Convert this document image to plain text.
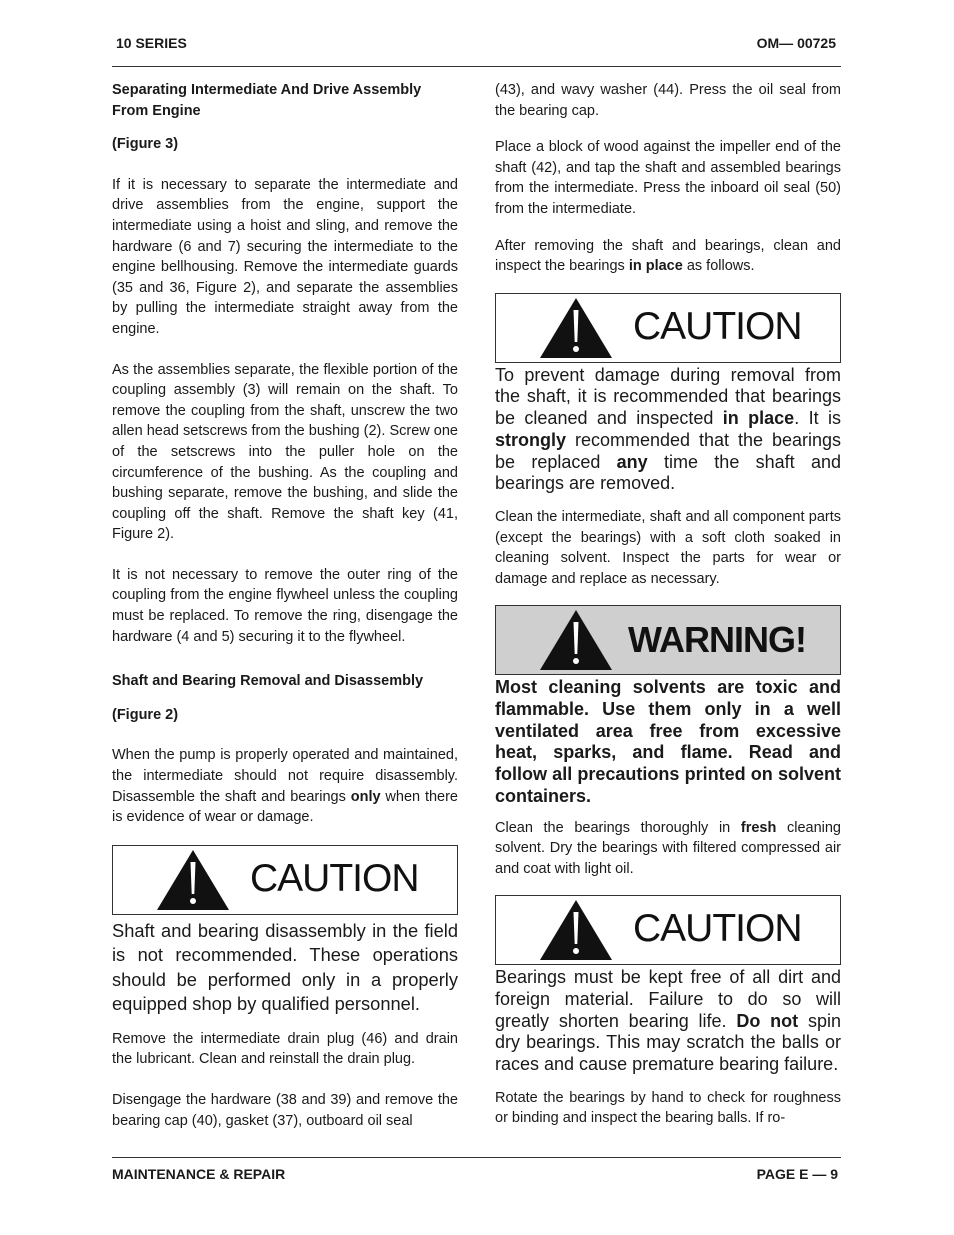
10 SERIES	OM— 00725

Separating Intermediate And Drive Assembly From Engine

(Figure 3)

If it is necessary to separate the intermediate and drive assemblies from the engine, support the intermediate using a hoist and sling, and remove the hardware (6 and 7) securing the intermediate to the engine bellhousing. Remove the intermediate guards (35 and 36, Figure 2), and separate the assemblies by pulling the intermediate straight away from the engine.

As the assemblies separate, the flexible portion of the coupling assembly (3) will remain on the shaft. To remove the coupling from the shaft, unscrew the two allen head setscrews from the bushing (2). Screw one of the setscrews into the puller hole on the circumference of the bushing. As the coupling and bushing separate, remove the bushing, and slide the coupling off the shaft. Remove the shaft key (41, Figure 2).

It is not necessary to remove the outer ring of the coupling from the engine flywheel unless the coupling must be replaced. To remove the ring, disengage the hardware (4 and 5) securing it to the flywheel.

Shaft and Bearing Removal and Disassembly

(Figure 2)

When the pump is properly operated and maintained, the intermediate should not require disassembly. Disassemble the shaft and bearings only when there is evidence of wear or damage.

CAUTION

Shaft and bearing disassembly in the field is not recommended. These operations should be performed only in a properly equipped shop by qualified personnel.

Remove the intermediate drain plug (46) and drain the lubricant. Clean and reinstall the drain plug.

Disengage the hardware (38 and 39) and remove the bearing cap (40), gasket (37), outboard oil seal

(43), and wavy washer (44). Press the oil seal from the bearing cap.

Place a block of wood against the impeller end of the shaft (42), and tap the shaft and assembled bearings from the intermediate. Press the inboard oil seal (50) from the intermediate.

After removing the shaft and bearings, clean and inspect the bearings in place as follows.

CAUTION

To prevent damage during removal from the shaft, it is recommended that bearings be cleaned and inspected in place. It is strongly recommended that the bearings be replaced any time the shaft and bearings are removed.

Clean the intermediate, shaft and all component parts (except the bearings) with a soft cloth soaked in cleaning solvent. Inspect the parts for wear or damage and replace as necessary.

WARNING!

Most cleaning solvents are toxic and flammable. Use them only in a well ventilated area free from excessive heat, sparks, and flame. Read and follow all precautions printed on solvent containers.

Clean the bearings thoroughly in fresh cleaning solvent. Dry the bearings with filtered compressed air and coat with light oil.

CAUTION

Bearings must be kept free of all dirt and foreign material. Failure to do so will greatly shorten bearing life. Do not spin dry bearings. This may scratch the balls or races and cause premature bearing failure.

Rotate the bearings by hand to check for roughness or binding and inspect the bearing balls. If ro-

MAINTENANCE & REPAIR	PAGE E — 9
